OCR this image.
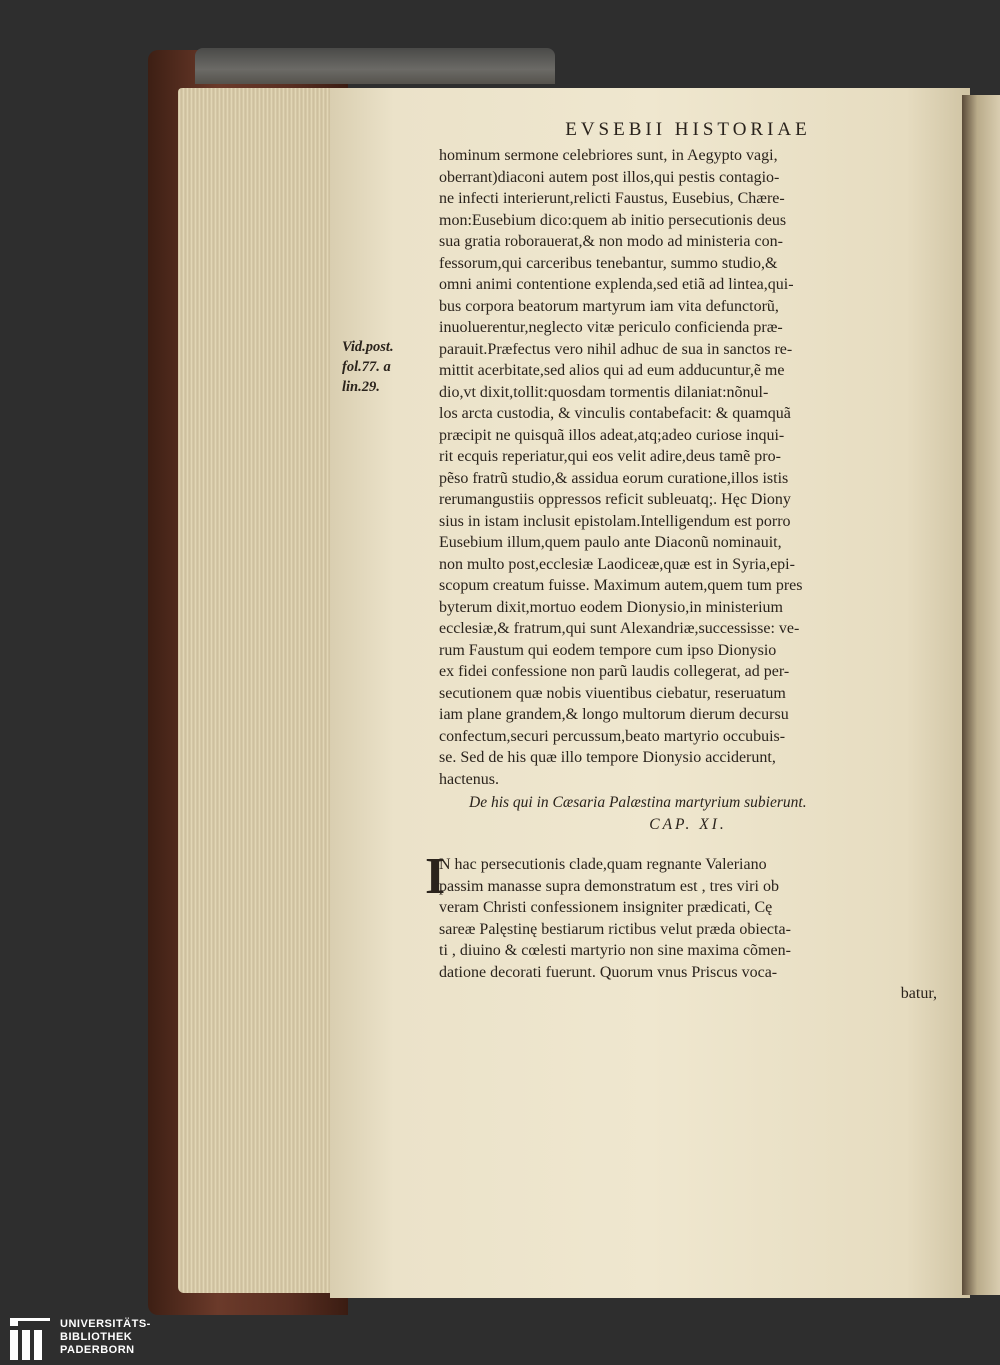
Vid.post.
fol.77. a
lin.29.
EVSEBII HISTORIAE
hominum sermone celebriores sunt, in Aegypto vagi,
oberrant)diaconi autem post illos,qui pestis contagio-
ne infecti interierunt,relicti Faustus, Eusebius, Chære-
mon:Eusebium dico:quem ab initio persecutionis deus
sua gratia roborauerat,& non modo ad ministeria con-
fessorum,qui carceribus tenebantur, summo studio,&
omni animi contentione explenda,sed etiã ad lintea,qui-
bus corpora beatorum martyrum iam vita defunctorũ,
inuoluerentur,neglecto vitæ periculo conficienda præ-
parauit.Præfectus vero nihil adhuc de sua in sanctos re-
mittit acerbitate,sed alios qui ad eum adducuntur,ẽ me
dio,vt dixit,tollit:quosdam tormentis dilaniat:nõnul-
los arcta custodia, & vinculis contabefacit: & quamquã
præcipit ne quisquã illos adeat,atq;adeo curiose inqui-
rit ecquis reperiatur,qui eos velit adire,deus tamẽ pro-
pẽso fratrũ studio,& assidua eorum curatione,illos istis
rerumangustiis oppressos reficit subleuatq;. Hęc Diony
sius in istam inclusit epistolam.Intelligendum est porro
Eusebium illum,quem paulo ante Diaconũ nominauit,
non multo post,ecclesiæ Laodiceæ,quæ est in Syria,epi-
scopum creatum fuisse. Maximum autem,quem tum pres
byterum dixit,mortuo eodem Dionysio,in ministerium
ecclesiæ,& fratrum,qui sunt Alexandriæ,successisse: ve-
rum Faustum qui eodem tempore cum ipso Dionysio
ex fidei confessione non parũ laudis collegerat, ad per-
secutionem quæ nobis viuentibus ciebatur, reseruatum
iam plane grandem,& longo multorum dierum decursu
confectum,securi percussum,beato martyrio occubuis-
se. Sed de his quæ illo tempore Dionysio acciderunt,
hactenus.
De his qui in Cæsaria Palæstina martyrium subierunt.
CAP. XI.
I
N hac persecutionis clade,quam regnante Valeriano
passim manasse supra demonstratum est , tres viri ob
veram Christi confessionem insigniter prædicati, Cę
sareæ Palęstinę bestiarum rictibus velut præda obiecta-
ti , diuino & cœlesti martyrio non sine maxima cõmen-
datione decorati fuerunt. Quorum vnus Priscus voca-
batur,
UNIVERSITÄTS-
BIBLIOTHEK
PADERBORN
